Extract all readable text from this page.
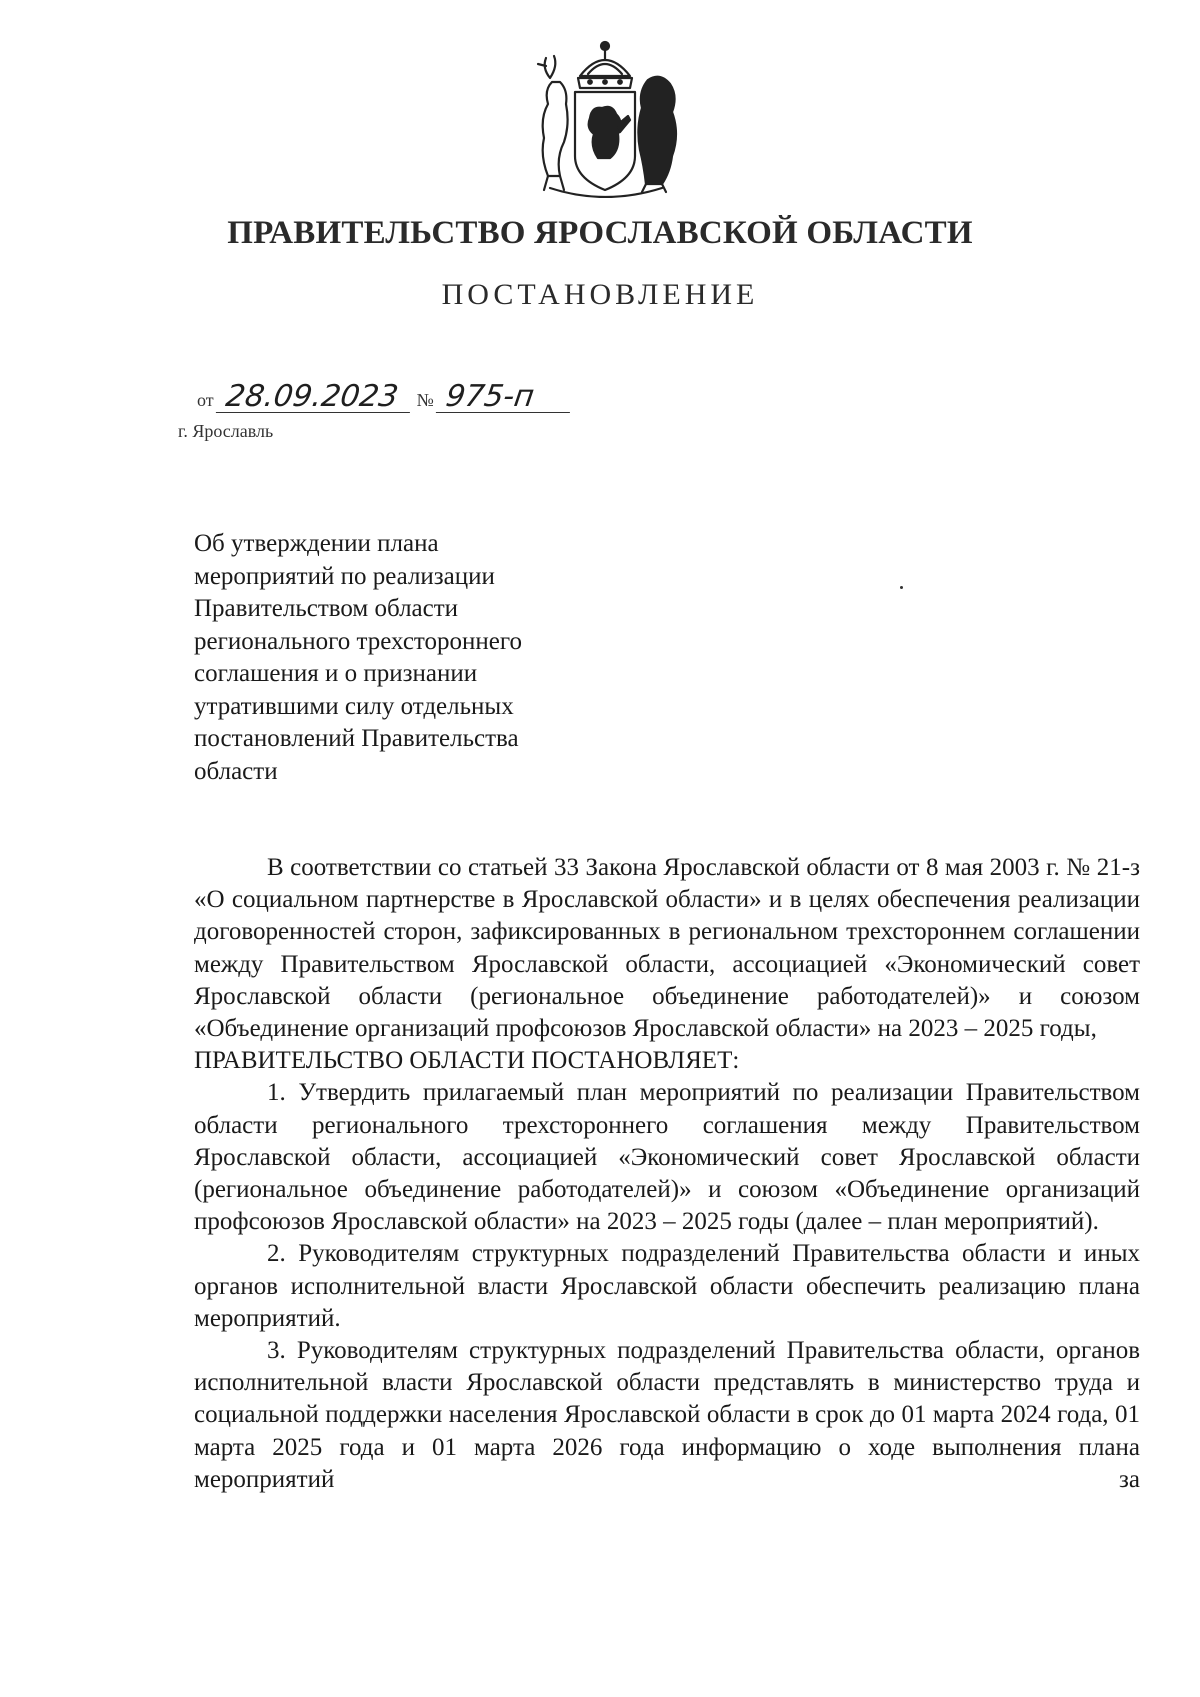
ПРАВИТЕЛЬСТВО ЯРОСЛАВСКОЙ ОБЛАСТИ
ПОСТАНОВЛЕНИЕ
от 28.09.2023 № 975-п
г. Ярославль
Об утверждении плана
мероприятий по реализации
Правительством области
регионального трехстороннего
соглашения и о признании
утратившими силу отдельных
постановлений Правительства
области

В соответствии со статьей 33 Закона Ярославской области от 8 мая 2003 г. № 21-з «О социальном партнерстве в Ярославской области» и в целях обеспечения реализации договоренностей сторон, зафиксированных в региональном трехстороннем соглашении между Правительством Ярославской области, ассоциацией «Экономический совет Ярославской области (региональное объединение работодателей)» и союзом «Объединение организаций профсоюзов Ярославской области» на 2023 – 2025 годы,

ПРАВИТЕЛЬСТВО ОБЛАСТИ ПОСТАНОВЛЯЕТ:

1. Утвердить прилагаемый план мероприятий по реализации Правительством области регионального трехстороннего соглашения между Правительством Ярославской области, ассоциацией «Экономический совет Ярославской области (региональное объединение работодателей)» и союзом «Объединение организаций профсоюзов Ярославской области» на 2023 – 2025 годы (далее – план мероприятий).

2. Руководителям структурных подразделений Правительства области и иных органов исполнительной власти Ярославской области обеспечить реализацию плана мероприятий.

3. Руководителям структурных подразделений Правительства области, органов исполнительной власти Ярославской области представлять в министерство труда и социальной поддержки населения Ярославской области в срок до 01 марта 2024 года, 01 марта 2025 года и 01 марта 2026 года информацию о ходе выполнения плана мероприятий за
